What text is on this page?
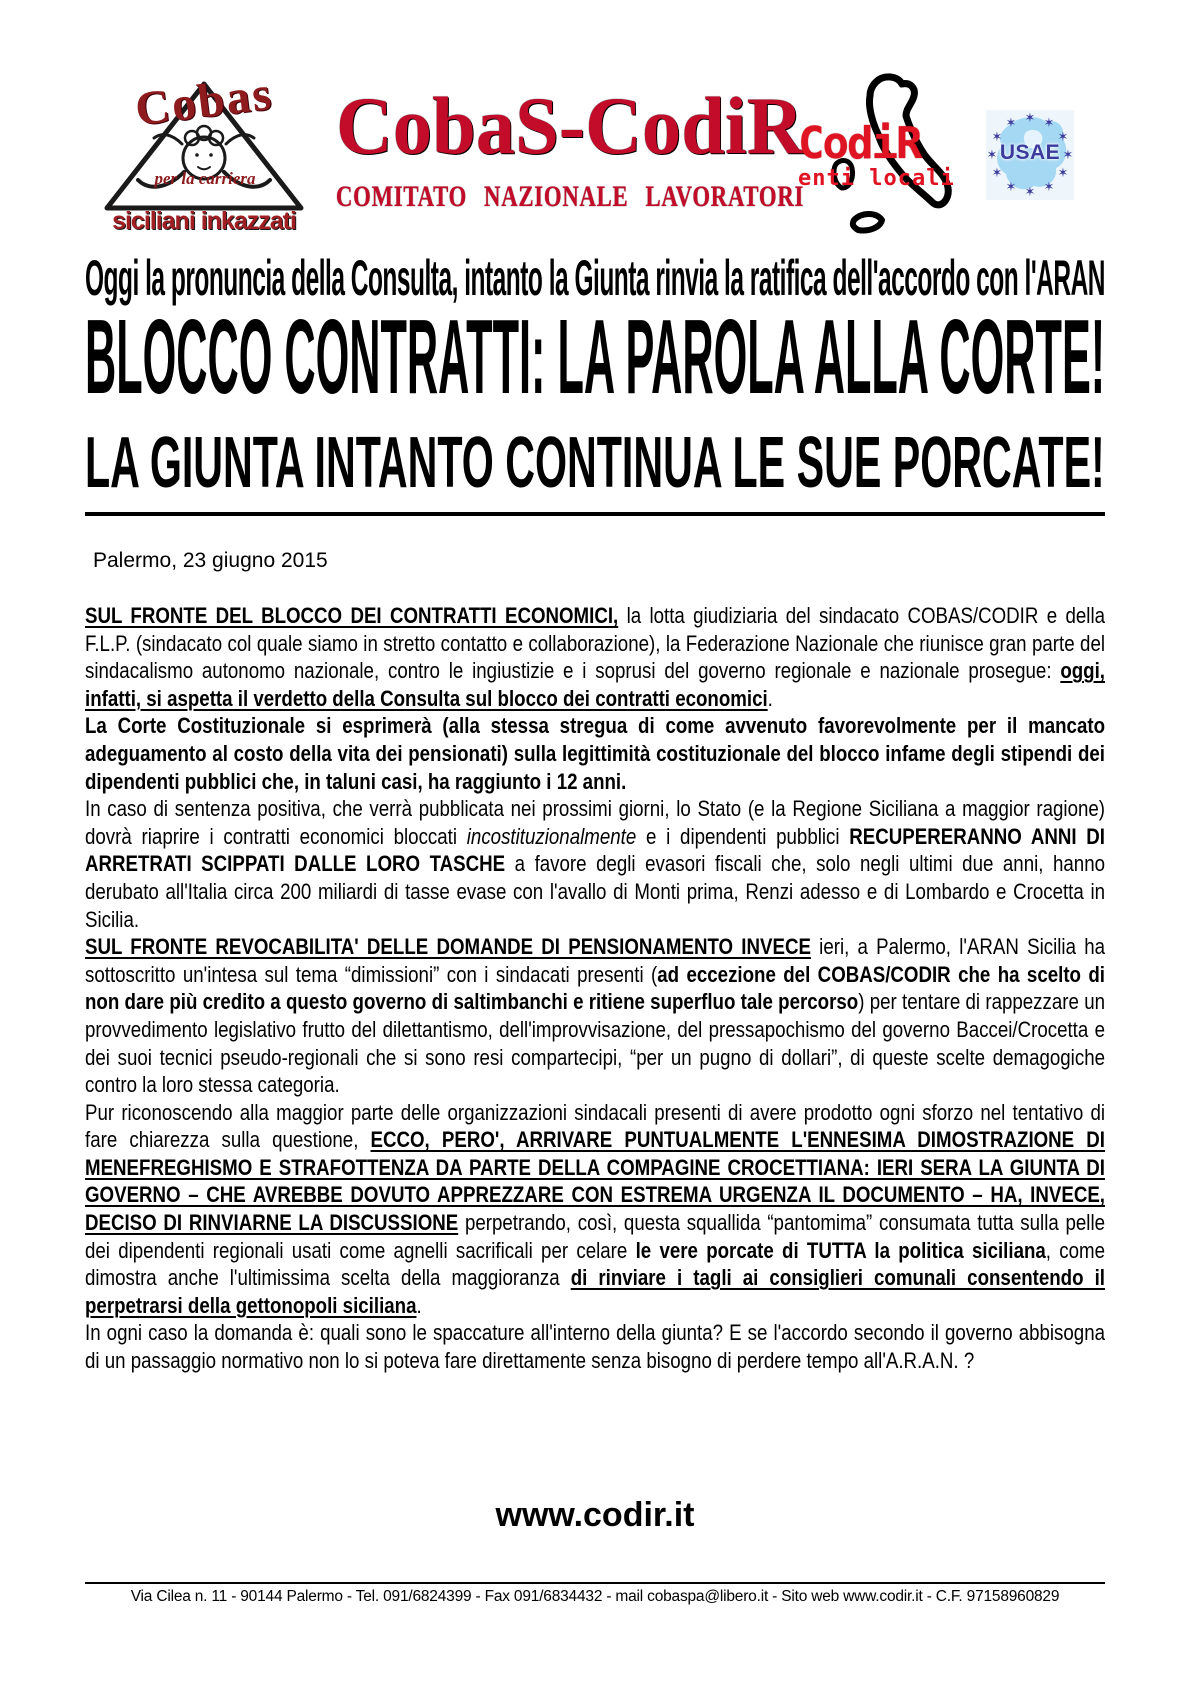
Cobas
per la carriera
siciliani inkazzati
CobaS-CodiR
COMITATO NAZIONALE LAVORATORI
CodiR
enti locali
✶ ✶
✶
✶
✶
✶
✶
✶
✶
✶
✶
✶
USAE
Oggi la pronuncia della Consulta, intanto la Giunta rinvia la ratifica dell'accordo con l'ARAN
BLOCCO CONTRATTI: LA PAROLA ALLA CORTE!
LA GIUNTA INTANTO CONTINUA LE SUE PORCATE!
Palermo, 23 giugno 2015

SUL FRONTE DEL BLOCCO DEI CONTRATTI ECONOMICI, la lotta giudiziaria del sindacato COBAS/CODIR e della F.L.P. (sindacato col quale siamo in stretto contatto e collaborazione), la Federazione Nazionale che riunisce gran parte del sindacalismo autonomo nazionale, contro le ingiustizie e i soprusi del governo regionale e nazionale prosegue: oggi, infatti, si aspetta il verdetto della Consulta sul blocco dei contratti economici.

La Corte Costituzionale si esprimerà (alla stessa stregua di come avvenuto favorevolmente per il mancato adeguamento al costo della vita dei pensionati) sulla legittimità costituzionale del blocco infame degli stipendi dei dipendenti pubblici che, in taluni casi, ha raggiunto i 12 anni.

In caso di sentenza positiva, che verrà pubblicata nei prossimi giorni, lo Stato (e la Regione Siciliana a maggior ragione) dovrà riaprire i contratti economici bloccati incostituzionalmente e i dipendenti pubblici RECUPERERANNO ANNI DI ARRETRATI SCIPPATI DALLE LORO TASCHE a favore degli evasori fiscali che, solo negli ultimi due anni, hanno derubato all'Italia circa 200 miliardi di tasse evase con l'avallo di Monti prima, Renzi adesso e di Lombardo e Crocetta in Sicilia.

SUL FRONTE REVOCABILITA' DELLE DOMANDE DI PENSIONAMENTO INVECE ieri, a Palermo, l'ARAN Sicilia ha sottoscritto un'intesa sul tema “dimissioni” con i sindacati presenti (ad eccezione del COBAS/CODIR che ha scelto di non dare più credito a questo governo di saltimbanchi e ritiene superfluo tale percorso) per tentare di rappezzare un provvedimento legislativo frutto del dilettantismo, dell'improvvisazione, del pressapochismo del governo Baccei/Crocetta e dei suoi tecnici pseudo-regionali che si sono resi compartecipi, “per un pugno di dollari”, di queste scelte demagogiche contro la loro stessa categoria.

Pur riconoscendo alla maggior parte delle organizzazioni sindacali presenti di avere prodotto ogni sforzo nel tentativo di fare chiarezza sulla questione, ECCO, PERO', ARRIVARE PUNTUALMENTE L'ENNESIMA DIMOSTRAZIONE DI MENEFREGHISMO E STRAFOTTENZA DA PARTE DELLA COMPAGINE CROCETTIANA: IERI SERA LA GIUNTA DI GOVERNO – CHE AVREBBE DOVUTO APPREZZARE CON ESTREMA URGENZA IL DOCUMENTO – HA, INVECE, DECISO DI RINVIARNE LA DISCUSSIONE perpetrando, così, questa squallida “pantomima” consumata tutta sulla pelle dei dipendenti regionali usati come agnelli sacrificali per celare le vere porcate di TUTTA la politica siciliana, come dimostra anche l'ultimissima scelta della maggioranza di rinviare i tagli ai consiglieri comunali consentendo il perpetrarsi della gettonopoli siciliana.

In ogni caso la domanda è: quali sono le spaccature all'interno della giunta? E se l'accordo secondo il governo abbisogna di un passaggio normativo non lo si poteva fare direttamente senza bisogno di perdere tempo all'A.R.A.N. ?

www.codir.it
Via Cilea n. 11 - 90144 Palermo - Tel. 091/6824399 - Fax 091/6834432 - mail cobaspa@libero.it - Sito web www.codir.it - C.F. 97158960829
